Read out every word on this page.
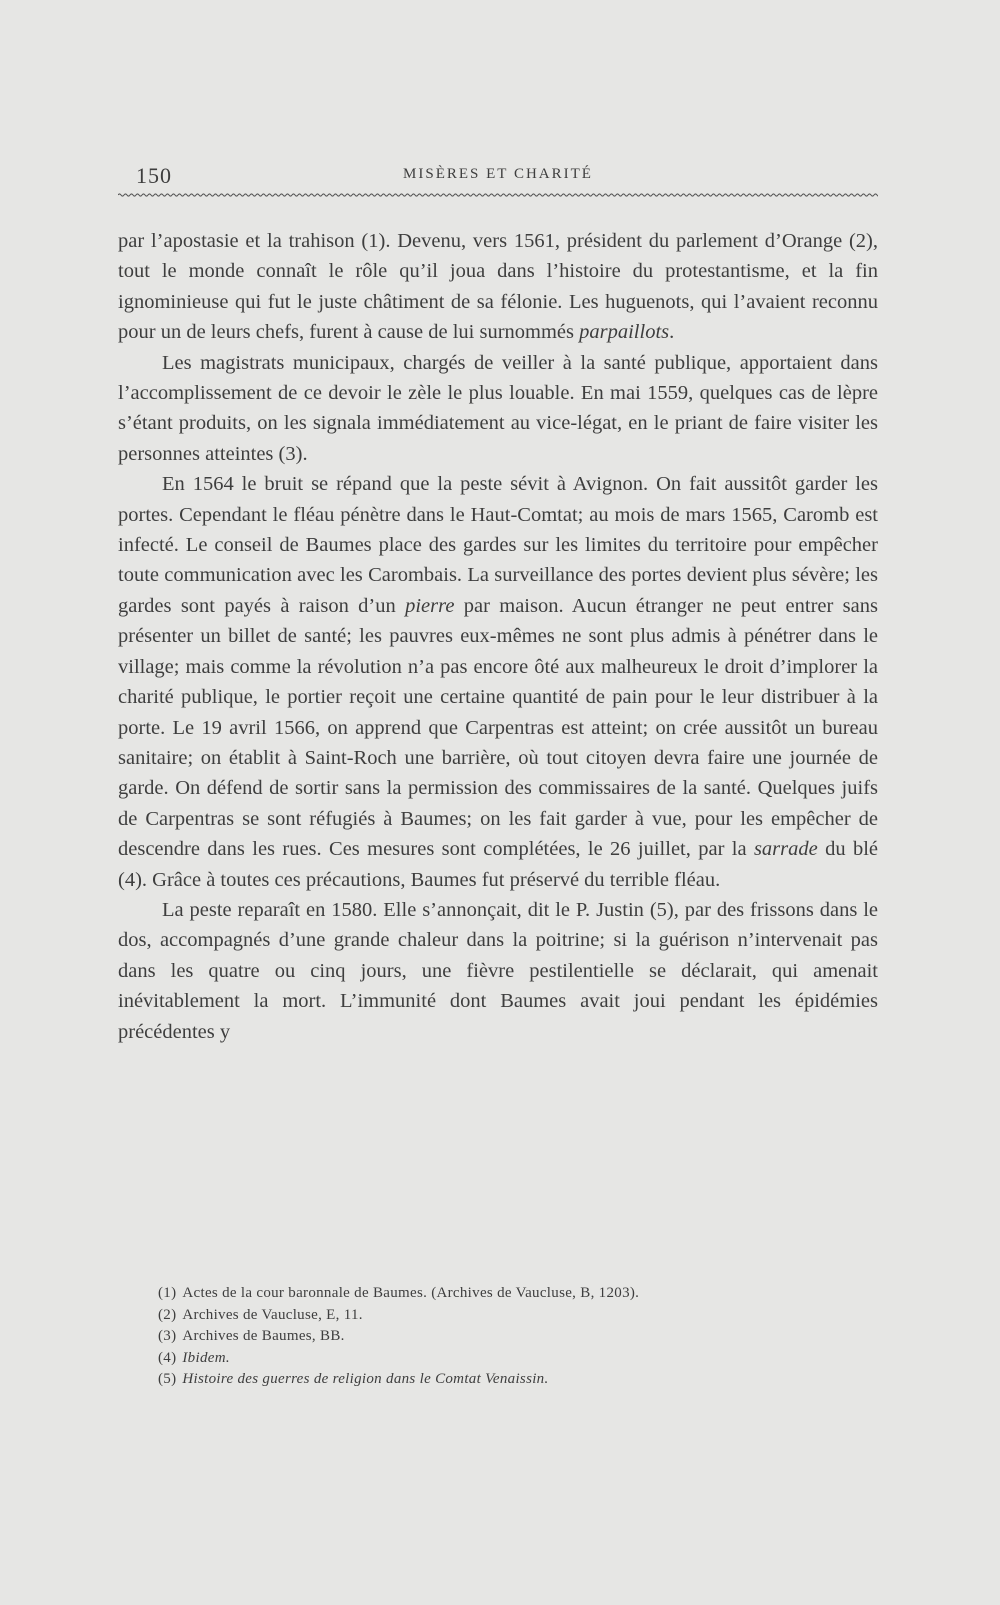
150	MISÈRES ET CHARITÉ

par l’apostasie et la trahison (1). Devenu, vers 1561, président du parlement d’Orange (2), tout le monde connaît le rôle qu’il joua dans l’histoire du protestantisme, et la fin ignominieuse qui fut le juste châtiment de sa félonie. Les huguenots, qui l’avaient reconnu pour un de leurs chefs, furent à cause de lui surnommés parpaillots.

Les magistrats municipaux, chargés de veiller à la santé publique, apportaient dans l’accomplissement de ce devoir le zèle le plus louable. En mai 1559, quelques cas de lèpre s’étant produits, on les signala immédiatement au vice-légat, en le priant de faire visiter les personnes atteintes (3).

En 1564 le bruit se répand que la peste sévit à Avignon. On fait aussitôt garder les portes. Cependant le fléau pénètre dans le Haut-Comtat; au mois de mars 1565, Caromb est infecté. Le conseil de Baumes place des gardes sur les limites du territoire pour empêcher toute communication avec les Carombais. La surveillance des portes devient plus sévère; les gardes sont payés à raison d’un pierre par maison. Aucun étranger ne peut entrer sans présenter un billet de santé; les pauvres eux-mêmes ne sont plus admis à pénétrer dans le village; mais comme la révolution n’a pas encore ôté aux malheureux le droit d’implorer la charité publique, le portier reçoit une certaine quantité de pain pour le leur distribuer à la porte. Le 19 avril 1566, on apprend que Carpentras est atteint; on crée aussitôt un bureau sanitaire; on établit à Saint-Roch une barrière, où tout citoyen devra faire une journée de garde. On défend de sortir sans la permission des commissaires de la santé. Quelques juifs de Carpentras se sont réfugiés à Baumes; on les fait garder à vue, pour les empêcher de descendre dans les rues. Ces mesures sont complétées, le 26 juillet, par la sarrade du blé (4). Grâce à toutes ces précautions, Baumes fut préservé du terrible fléau.

La peste reparaît en 1580. Elle s’annonçait, dit le P. Justin (5), par des frissons dans le dos, accompagnés d’une grande chaleur dans la poitrine; si la guérison n’intervenait pas dans les quatre ou cinq jours, une fièvre pestilentielle se déclarait, qui amenait inévitablement la mort. L’immunité dont Baumes avait joui pendant les épidémies précédentes y

(1) Actes de la cour baronnale de Baumes. (Archives de Vaucluse, B, 1203).
(2) Archives de Vaucluse, E, 11.
(3) Archives de Baumes, BB.
(4) Ibidem.
(5) Histoire des guerres de religion dans le Comtat Venaissin.
